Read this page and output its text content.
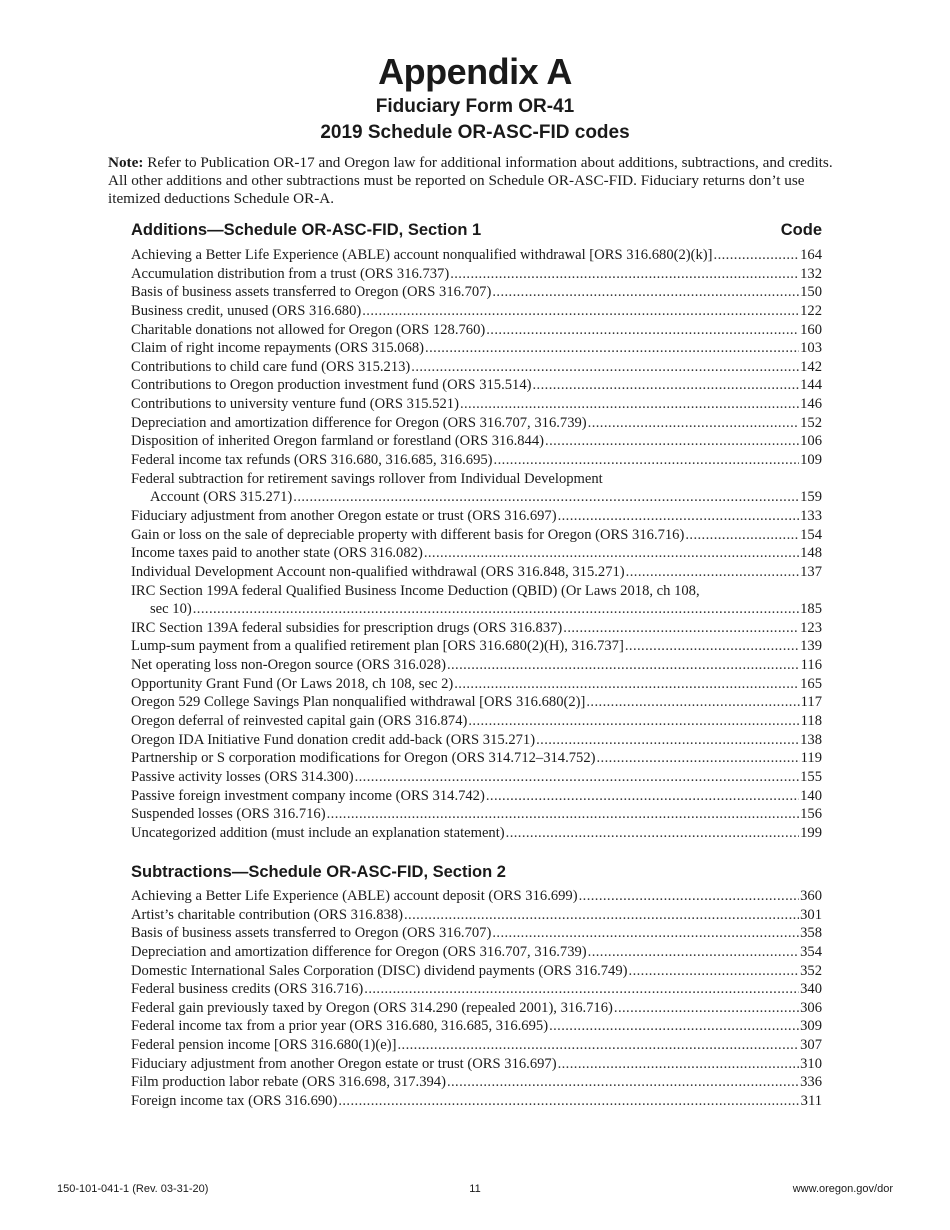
Appendix A
Fiduciary Form OR-41
2019 Schedule OR-ASC-FID codes
Note: Refer to Publication OR-17 and Oregon law for additional information about additions, subtractions, and credits. All other additions and other subtractions must be reported on Schedule OR-ASC-FID. Fiduciary returns don’t use itemized deductions Schedule OR-A.
Additions—Schedule OR-ASC-FID, Section 1	Code
Achieving a Better Life Experience (ABLE) account nonqualified withdrawal [ORS 316.680(2)(k)] .....	164
Accumulation distribution from a trust (ORS 316.737) .....	132
Basis of business assets transferred to Oregon (ORS 316.707) .....	150
Business credit, unused (ORS 316.680) .....	122
Charitable donations not allowed for Oregon (ORS 128.760) .....	160
Claim of right income repayments (ORS 315.068) .....	103
Contributions to child care fund (ORS 315.213) .....	142
Contributions to Oregon production investment fund (ORS 315.514) .....	144
Contributions to university venture fund (ORS 315.521) .....	146
Depreciation and amortization difference for Oregon (ORS 316.707, 316.739) .....	152
Disposition of inherited Oregon farmland or forestland (ORS 316.844) .....	106
Federal income tax refunds (ORS 316.680, 316.685, 316.695) .....	109
Federal subtraction for retirement savings rollover from Individual Development
Account (ORS 315.271) .....	159
Fiduciary adjustment from another Oregon estate or trust (ORS 316.697) .....	133
Gain or loss on the sale of depreciable property with different basis for Oregon (ORS 316.716) .....	154
Income taxes paid to another state (ORS 316.082) .....	148
Individual Development Account non-qualified withdrawal (ORS 316.848, 315.271) .....	137
IRC Section 199A federal Qualified Business Income Deduction (QBID) (Or Laws 2018, ch 108,
sec 10) .....	185
IRC Section 139A federal subsidies for prescription drugs (ORS 316.837) .....	123
Lump-sum payment from a qualified retirement plan [ORS 316.680(2)(H), 316.737] .....	139
Net operating loss non-Oregon source (ORS 316.028) .....	116
Opportunity Grant Fund (Or Laws 2018, ch 108, sec 2) .....	165
Oregon 529 College Savings Plan nonqualified withdrawal [ORS 316.680(2)] .....	117
Oregon deferral of reinvested capital gain (ORS 316.874) .....	118
Oregon IDA Initiative Fund donation credit add-back (ORS 315.271) .....	138
Partnership or S corporation modifications for Oregon (ORS 314.712–314.752) .....	119
Passive activity losses (ORS 314.300) .....	155
Passive foreign investment company income (ORS 314.742) .....	140
Suspended losses (ORS 316.716) .....	156
Uncategorized addition (must include an explanation statement) .....	199
Subtractions—Schedule OR-ASC-FID, Section 2
Achieving a Better Life Experience (ABLE) account deposit (ORS 316.699) .....	360
Artist’s charitable contribution (ORS 316.838) .....	301
Basis of business assets transferred to Oregon (ORS 316.707) .....	358
Depreciation and amortization difference for Oregon (ORS 316.707, 316.739) .....	354
Domestic International Sales Corporation (DISC) dividend payments (ORS 316.749) .....	352
Federal business credits (ORS 316.716) .....	340
Federal gain previously taxed by Oregon (ORS 314.290 (repealed 2001), 316.716) .....	306
Federal income tax from a prior year (ORS 316.680, 316.685, 316.695) .....	309
Federal pension income [ORS 316.680(1)(e)] .....	307
Fiduciary adjustment from another Oregon estate or trust (ORS 316.697) .....	310
Film production labor rebate (ORS 316.698, 317.394) .....	336
Foreign income tax (ORS 316.690) .....	311
150-101-041-1 (Rev. 03-31-20)	11	www.oregon.gov/dor
